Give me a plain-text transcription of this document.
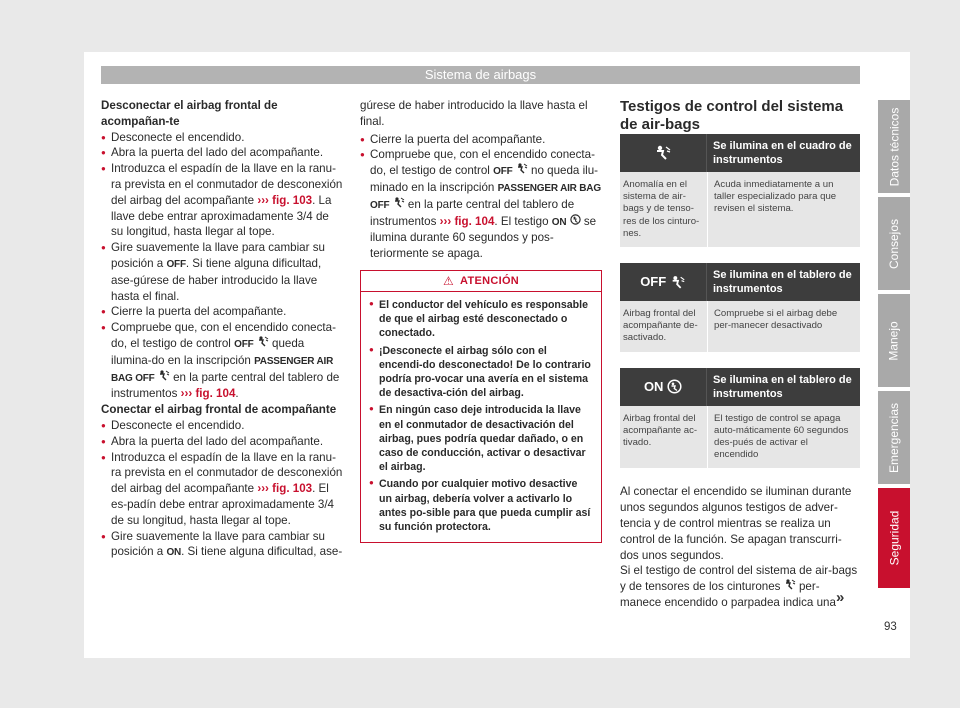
Sistema de airbags

Desconectar el airbag frontal de acompañan-te

● Desconecte el encendido.

● Abra la puerta del lado del acompañante.

● Introduzca el espadín de la llave en la ranu-ra prevista en el conmutador de desconexión del airbag del acompañante ››› fig. 103. La llave debe entrar aproximadamente 3/4 de su longitud, hasta llegar al tope.

● Gire suavemente la llave para cambiar su posición a OFF. Si tiene alguna dificultad, ase-gúrese de haber introducido la llave hasta el final.

● Cierre la puerta del acompañante.

● Compruebe que, con el encendido conecta-do, el testigo de control OFF queda ilumina-do en la inscripción PASSENGER AIR BAG OFF en la parte central del tablero de instrumentos ››› fig. 104.

Conectar el airbag frontal de acompañante

● Desconecte el encendido.

● Abra la puerta del lado del acompañante.

● Introduzca el espadín de la llave en la ranu-ra prevista en el conmutador de desconexión del airbag del acompañante ››› fig. 103. El es-padín debe entrar aproximadamente 3/4 de su longitud, hasta llegar al tope.

● Gire suavemente la llave para cambiar su posición a ON. Si tiene alguna dificultad, ase-

gúrese de haber introducido la llave hasta el final.

● Cierre la puerta del acompañante.

● Compruebe que, con el encendido conecta-do, el testigo de control OFF no queda ilu-minado en la inscripción PASSENGER AIR BAG OFF en la parte central del tablero de instrumentos ››› fig. 104. El testigo ON se ilumina durante 60 segundos y pos-teriormente se apaga.

⚠ ATENCIÓN

● El conductor del vehículo es responsable de que el airbag esté desconectado o conectado.

● ¡Desconecte el airbag sólo con el encendi-do desconectado! De lo contrario podría pro-vocar una avería en el sistema de desactiva-ción del airbag.

● En ningún caso deje introducida la llave en el conmutador de desactivación del airbag, pues podría quedar dañado, o en caso de conducción, activar o desactivar el airbag.

● Cuando por cualquier motivo desactive un airbag, debería volver a activarlo lo antes po-sible para que pueda cumplir así su función protectora.

Testigos de control del sistema de air-bags

Se ilumina en el cuadro de instrumentos
Anomalía en el sistema de air-bags y de tenso-res de los cinturo-nes.
Acuda inmediatamente a un taller especializado para que revisen el sistema.
OFF
	Se ilumina en el tablero de instrumentos
Airbag frontal del acompañante de-sactivado.
Compruebe si el airbag debe per-manecer desactivado
ON
	Se ilumina en el tablero de instrumentos
Airbag frontal del acompañante ac-tivado.
El testigo de control se apaga auto-máticamente 60 segundos des-pués de activar el encendido

Al conectar el encendido se iluminan durante unos segundos algunos testigos de adver-tencia y de control mientras se realiza un control de la función. Se apagan transcurri-dos unos segundos.

Si el testigo de control del sistema de air-bags y de tensores de los cinturones per-manece encendido o parpadea indica una »
Datos técnicos
Consejos
Manejo
Emergencias
Seguridad
93
